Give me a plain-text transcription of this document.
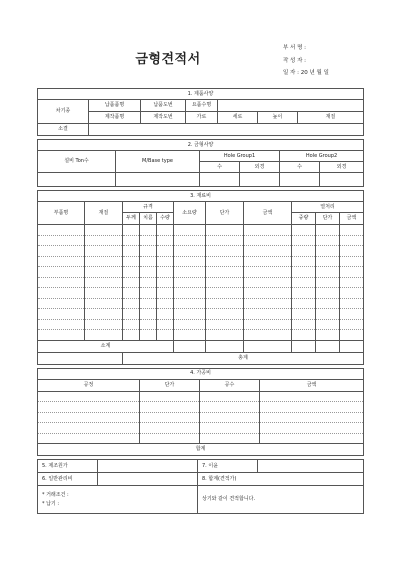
금형견적서
부 서 명 :
작 성 자 :
일 자 : 20 년 월 일
1. 제품사양						
차기종	납품품명	납품도번	요품수명			
	제작품명	제작도번	가로	세로	높이	재질
소결						
2. 금형사양					
설비 Ton수	M/Base type	Hole Group1		Hole Group2	
		수	외경	수	외경

3. 재료비										
부품명	재질	규격			소요량	단가	금액	열처리		
		두께	치름	수량				중량	단가	금액

소계										
		총계								
4. 가공비			
공정	단가	공수	금액

합계			
5. 제조원가		7. 이윤	
6. 일반관리비		8. 합계(견적가)	

* 거래조건 :
* 납기 :		상기와 같이 견적합니다.	
